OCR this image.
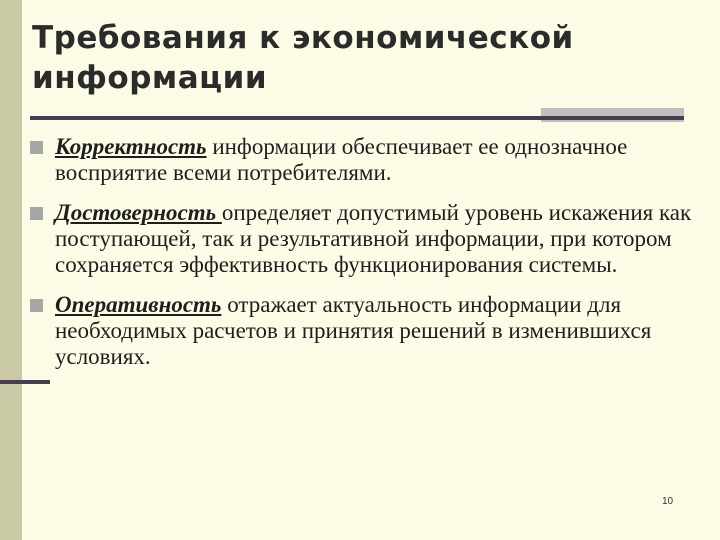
Требования к экономической
информации
Корректность информации обеспечивает ее однозначное восприятие всеми потребителями.
Достоверность определяет допустимый уровень искажения как поступающей, так и результативной информации, при котором сохраняется эффективность функционирования системы.
Оперативность отражает актуальность информации для необходимых расчетов и принятия решений в изменившихся условиях.
10
